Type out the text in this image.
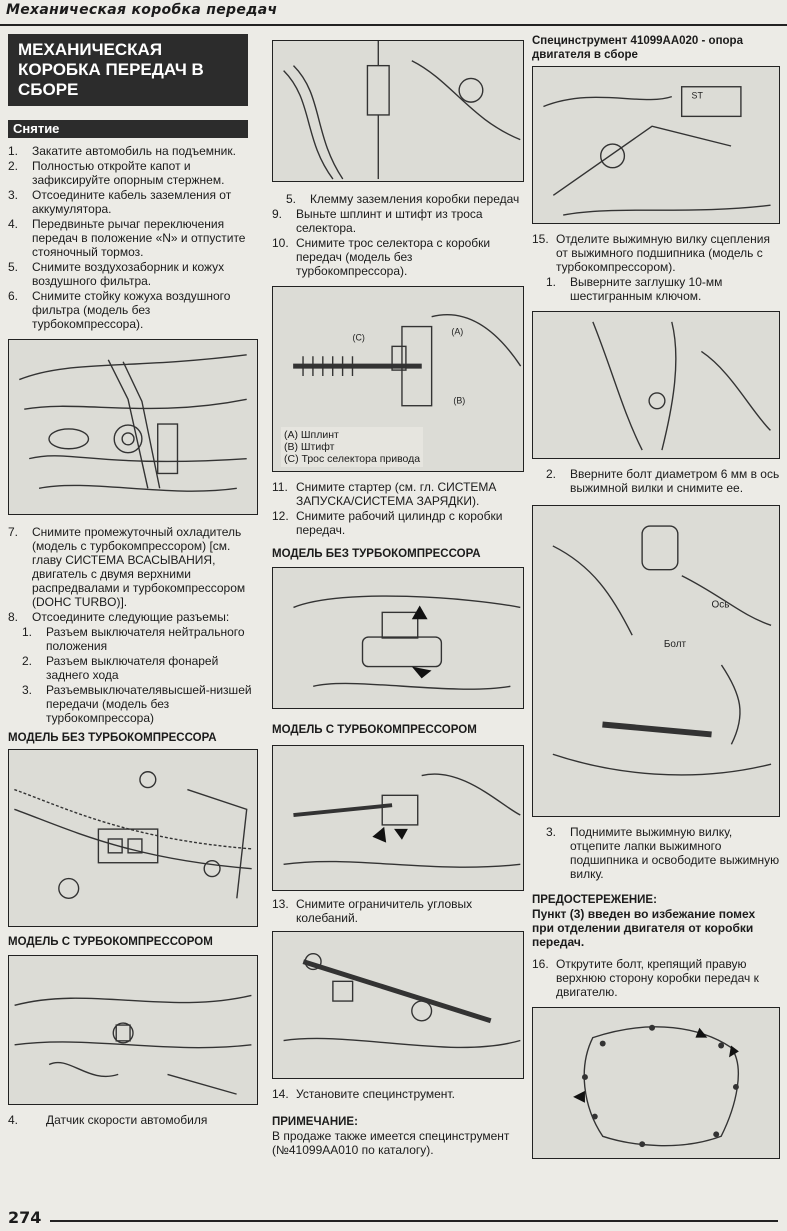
Механическая коробка передач
МЕХАНИЧЕСКАЯ КОРОБКА ПЕРЕДАЧ В СБОРЕ
Снятие
1.	Закатите автомобиль на подъемник.
2.	Полностью откройте капот и зафиксируйте опорным стержнем.
3.	Отсоедините кабель заземления от аккумулятора.
4.	Передвиньте рычаг переключения передач в положение «N» и отпустите стояночный тормоз.
5.	Снимите воздухозаборник и кожух воздушного фильтра.
6.	Снимите стойку кожуха воздушного фильтра (модель без турбокомпрессора).
7.	Снимите промежуточный охладитель (модель с турбокомпрессором) [см. главу СИСТЕМА ВСАСЫВАНИЯ, двигатель с двумя верхними распредвалами и турбокомпрессором (DOHC TURBO)].
8.	Отсоедините следующие разъемы:
1.	Разъем выключателя нейтрального положения
2.	Разъем выключателя фонарей заднего хода
3.	Разъемвыключателявысшей-низшей передачи (модель без турбокомпрессора)
МОДЕЛЬ БЕЗ ТУРБОКОМПРЕССОРА
МОДЕЛЬ С ТУРБОКОМПРЕССОРОМ
4.	Датчик скорости автомобиля
5.	Клемму заземления коробки передач
9.	Выньте шплинт и штифт из троса селектора.
10. Снимите трос селектора с коробки передач (модель без турбокомпрессора).
(A)
(B)
(C)
(A) Шплинт
(B) Штифт
(C) Трос селектора привода
11. Снимите стартер (см. гл. СИСТЕМА ЗАПУСКА/СИСТЕМА ЗАРЯДКИ).
12. Снимите рабочий цилиндр с коробки передач.
МОДЕЛЬ БЕЗ ТУРБОКОМПРЕССОРА
МОДЕЛЬ С ТУРБОКОМПРЕССОРОМ
13. Снимите ограничитель угловых колебаний.
14. Установите специнструмент.
ПРИМЕЧАНИЕ:
В продаже также имеется специнструмент (№41099AA010 по каталогу).
Специнструмент 41099AA020 - опора двигателя в сборе
ST
15. Отделите выжимную вилку сцепления от выжимного подшипника (модель с турбокомпрессором).
1.	Выверните заглушку 10-мм шестигранным ключом.
2.	Вверните болт диаметром 6 мм в ось выжимной вилки и снимите ее.
Ось
Болт
3.	Поднимите выжимную вилку, отцепите лапки выжимного подшипника и освободите выжимную вилку.
ПРЕДОСТЕРЕЖЕНИЕ:
Пункт (3) введен во избежание помех при отделении двигателя от коробки передач.
16. Открутите болт, крепящий правую верхнюю сторону коробки передач к двигателю.
274
